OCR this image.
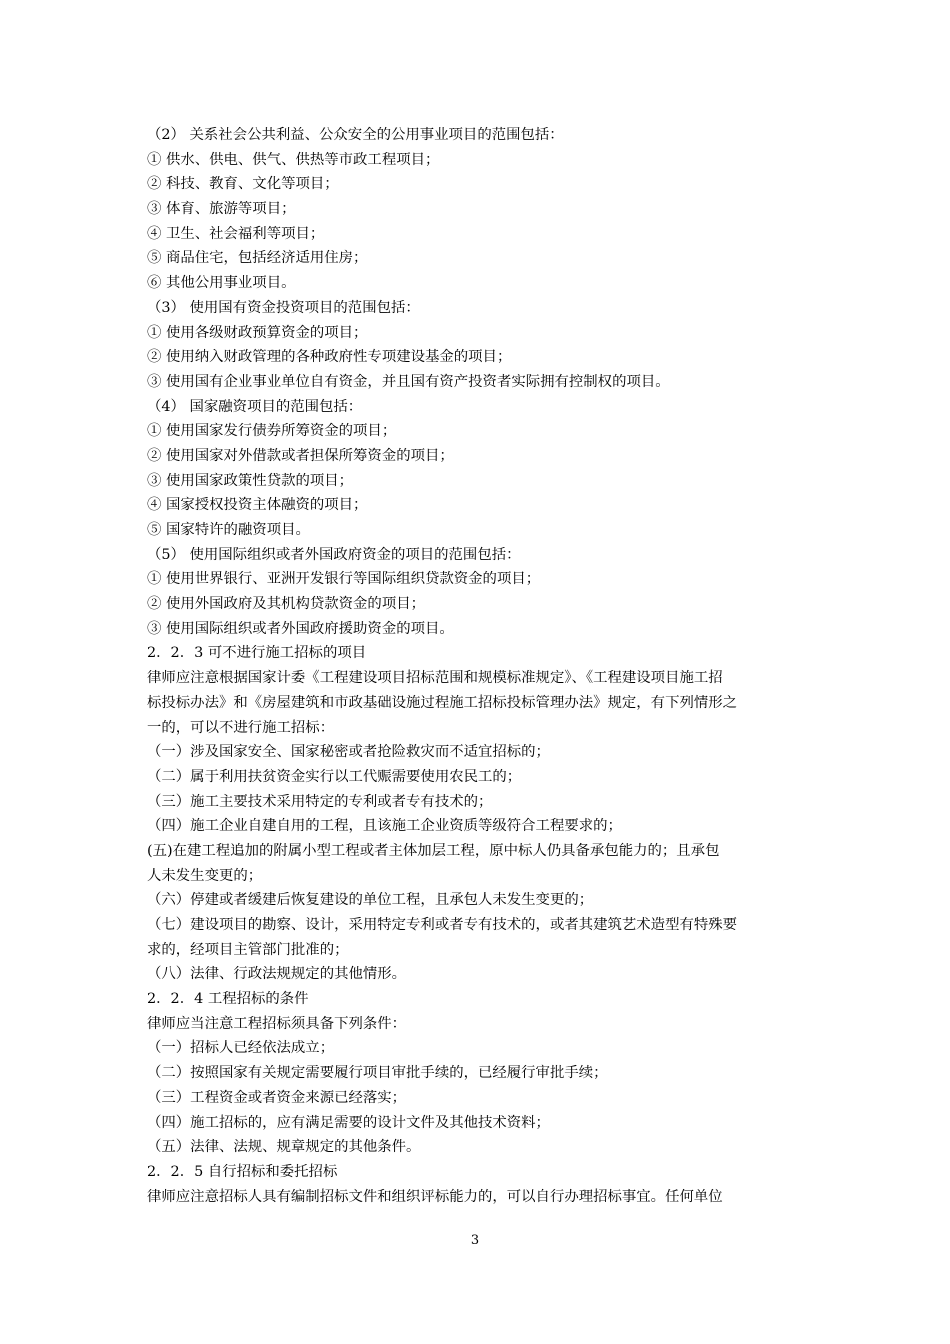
（2） 关系社会公共利益、公众安全的公用事业项目的范围包括：
① 供水、供电、供气、供热等市政工程项目；
② 科技、教育、文化等项目；
③ 体育、旅游等项目；
④ 卫生、社会福利等项目；
⑤ 商品住宅，包括经济适用住房；
⑥ 其他公用事业项目。
（3） 使用国有资金投资项目的范围包括：
① 使用各级财政预算资金的项目；
② 使用纳入财政管理的各种政府性专项建设基金的项目；
③ 使用国有企业事业单位自有资金，并且国有资产投资者实际拥有控制权的项目。
（4） 国家融资项目的范围包括：
① 使用国家发行债券所筹资金的项目；
② 使用国家对外借款或者担保所筹资金的项目；
③ 使用国家政策性贷款的项目；
④ 国家授权投资主体融资的项目；
⑤ 国家特许的融资项目。
（5） 使用国际组织或者外国政府资金的项目的范围包括：
① 使用世界银行、亚洲开发银行等国际组织贷款资金的项目；
② 使用外国政府及其机构贷款资金的项目；
③ 使用国际组织或者外国政府援助资金的项目。
2．2．3 可不进行施工招标的项目
律师应注意根据国家计委《工程建设项目招标范围和规模标准规定》、《工程建设项目施工招
标投标办法》和《房屋建筑和市政基础设施过程施工招标投标管理办法》规定，有下列情形之
一的，可以不进行施工招标：
（一）涉及国家安全、国家秘密或者抢险救灾而不适宜招标的；
（二）属于利用扶贫资金实行以工代赈需要使用农民工的；
（三）施工主要技术采用特定的专利或者专有技术的；
（四）施工企业自建自用的工程，且该施工企业资质等级符合工程要求的；
(五)在建工程追加的附属小型工程或者主体加层工程，原中标人仍具备承包能力的；且承包
人未发生变更的；
（六）停建或者缓建后恢复建设的单位工程，且承包人未发生变更的；
（七）建设项目的勘察、设计，采用特定专利或者专有技术的，或者其建筑艺术造型有特殊要
求的，经项目主管部门批准的；
（八）法律、行政法规规定的其他情形。
2．2．4 工程招标的条件
律师应当注意工程招标须具备下列条件：
（一）招标人已经依法成立；
（二）按照国家有关规定需要履行项目审批手续的，已经履行审批手续；
（三）工程资金或者资金来源已经落实；
（四）施工招标的，应有满足需要的设计文件及其他技术资料；
（五）法律、法规、规章规定的其他条件。
2．2．5 自行招标和委托招标
律师应注意招标人具有编制招标文件和组织评标能力的，可以自行办理招标事宜。任何单位
3
